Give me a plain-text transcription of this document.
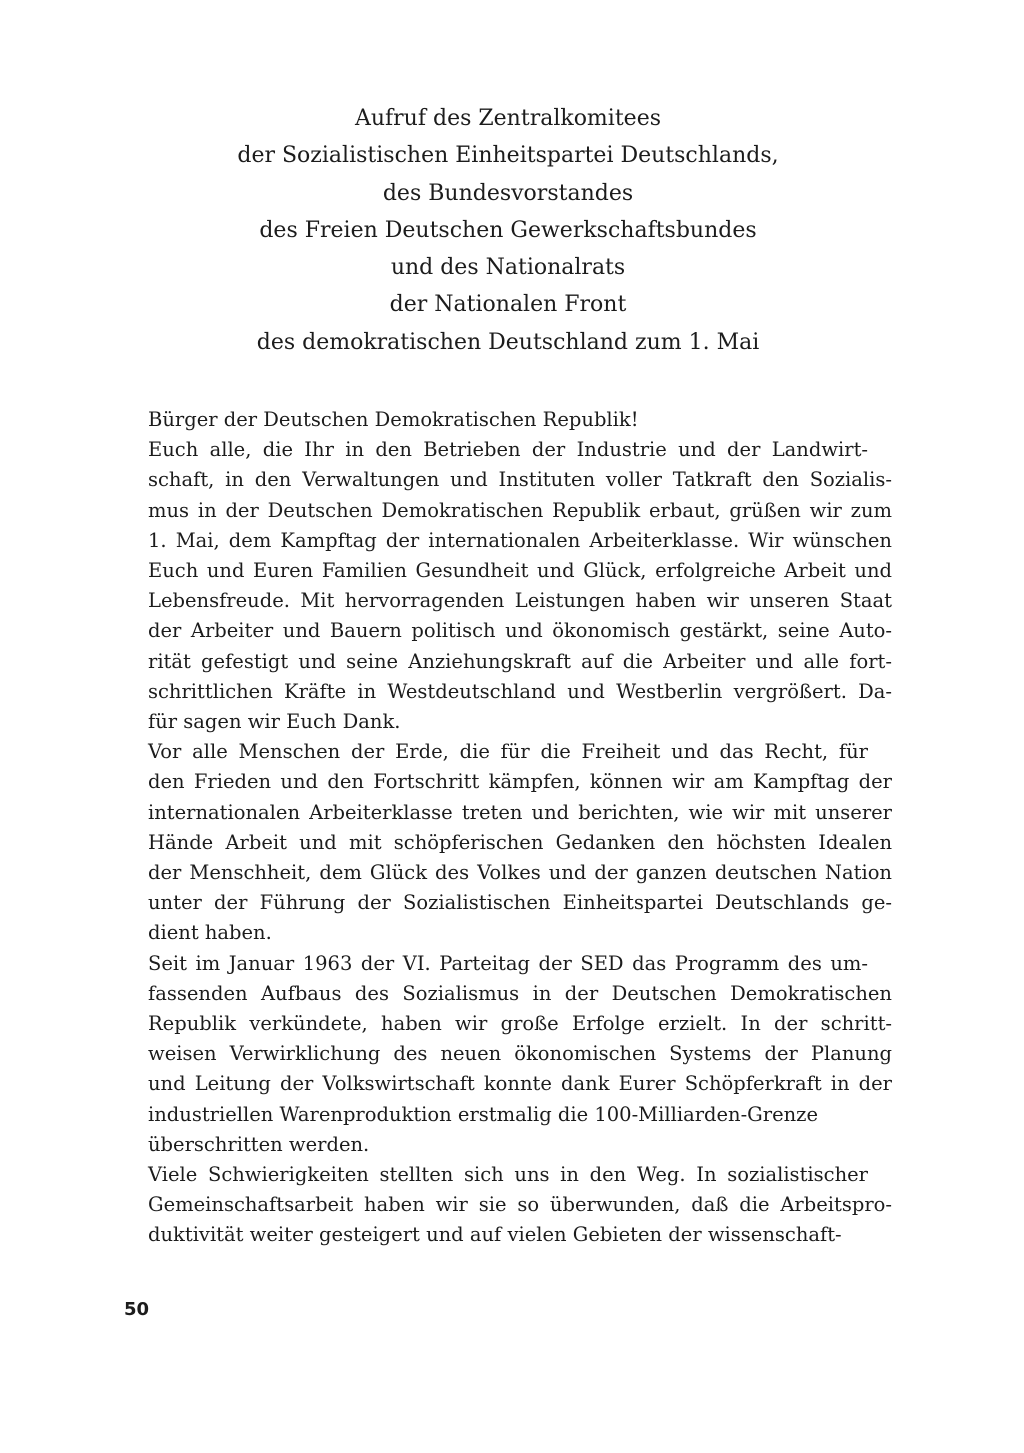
Aufruf des Zentralkomitees
der Sozialistischen Einheitspartei Deutschlands,
des Bundesvorstandes
des Freien Deutschen Gewerkschaftsbundes
und des Nationalrats
der Nationalen Front
des demokratischen Deutschland zum 1. Mai

Bürger der Deutschen Demokratischen Republik!

Euch alle, die Ihr in den Betrieben der Industrie und der Landwirt-
schaft, in den Verwaltungen und Instituten voller Tatkraft den Sozialis-
mus in der Deutschen Demokratischen Republik erbaut, grüßen wir zum
1. Mai, dem Kampftag der internationalen Arbeiterklasse. Wir wünschen
Euch und Euren Familien Gesundheit und Glück, erfolgreiche Arbeit und
Lebensfreude. Mit hervorragenden Leistungen haben wir unseren Staat
der Arbeiter und Bauern politisch und ökonomisch gestärkt, seine Auto-
rität gefestigt und seine Anziehungskraft auf die Arbeiter und alle fort-
schrittlichen Kräfte in Westdeutschland und Westberlin vergrößert. Da-
für sagen wir Euch Dank.

Vor alle Menschen der Erde, die für die Freiheit und das Recht, für
den Frieden und den Fortschritt kämpfen, können wir am Kampftag der
internationalen Arbeiterklasse treten und berichten, wie wir mit unserer
Hände Arbeit und mit schöpferischen Gedanken den höchsten Idealen
der Menschheit, dem Glück des Volkes und der ganzen deutschen Nation
unter der Führung der Sozialistischen Einheitspartei Deutschlands ge-
dient haben.

Seit im Januar 1963 der VI. Parteitag der SED das Programm des um-
fassenden Aufbaus des Sozialismus in der Deutschen Demokratischen
Republik verkündete, haben wir große Erfolge erzielt. In der schritt-
weisen Verwirklichung des neuen ökonomischen Systems der Planung
und Leitung der Volkswirtschaft konnte dank Eurer Schöpferkraft in der
industriellen Warenproduktion erstmalig die 100-Milliarden-Grenze
überschritten werden.

Viele Schwierigkeiten stellten sich uns in den Weg. In sozialistischer
Gemeinschaftsarbeit haben wir sie so überwunden, daß die Arbeitspro-
duktivität weiter gesteigert und auf vielen Gebieten der wissenschaft-

50
